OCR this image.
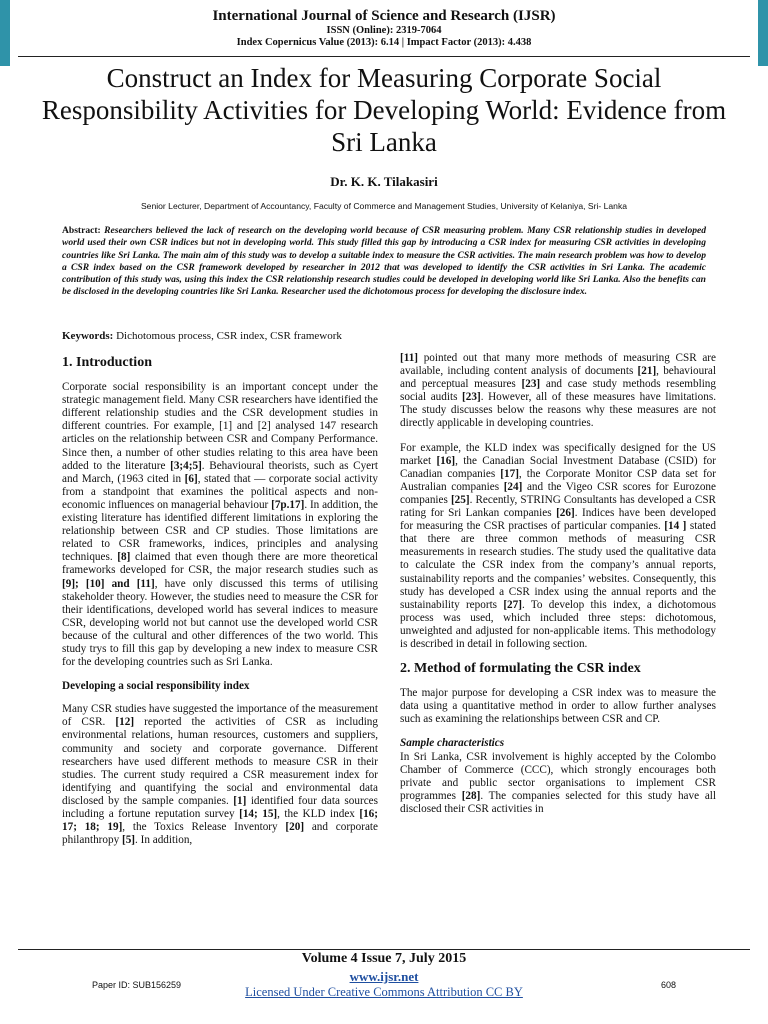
International Journal of Science and Research (IJSR)
ISSN (Online): 2319-7064
Index Copernicus Value (2013): 6.14 | Impact Factor (2013): 4.438
Construct an Index for Measuring Corporate Social Responsibility Activities for Developing World: Evidence from Sri Lanka
Dr. K. K. Tilakasiri
Senior Lecturer, Department of Accountancy, Faculty of Commerce and Management Studies, University of Kelaniya, Sri- Lanka

Abstract: Researchers believed the lack of research on the developing world because of CSR measuring problem. Many CSR relationship studies in developed world used their own CSR indices but not in developing world. This study filled this gap by introducing a CSR index for measuring CSR activities in developing countries like Sri Lanka. The main aim of this study was to develop a suitable index to measure the CSR activities. The main research problem was how to develop a CSR index based on the CSR framework developed by researcher in 2012 that was developed to identify the CSR activities in Sri Lanka. The academic contribution of this study was, using this index the CSR relationship research studies could be developed in developing world like Sri Lanka. Also the benefits can be disclosed in the developing countries like Sri Lanka. Researcher used the dichotomous process for developing the disclosure index.

Keywords: Dichotomous process, CSR index, CSR framework

1. Introduction

Corporate social responsibility is an important concept under the strategic management field. Many CSR researchers have identified the different relationship studies and the CSR development studies in different countries. For example, [1] and [2] analysed 147 research articles on the relationship between CSR and Company Performance. Since then, a number of other studies relating to this area have been added to the literature [3;4;5]. Behavioural theorists, such as Cyert and March, (1963 cited in [6], stated that — corporate social activity from a standpoint that examines the political aspects and non-economic influences on managerial behaviour [7p.17]. In addition, the existing literature has identified different limitations in exploring the relationship between CSR and CP studies. Those limitations are related to CSR frameworks, indices, principles and analysing techniques. [8] claimed that even though there are more theoretical frameworks developed for CSR, the major research studies such as [9]; [10] and [11], have only discussed this terms of utilising stakeholder theory. However, the studies need to measure the CSR for their identifications, developed world has several indices to measure CSR, developing world not but cannot use the developed world CSR because of the cultural and other differences of the two world. This study trys to fill this gap by developing a new index to measure CSR for the developing countries such as Sri Lanka.

Developing a social responsibility index

Many CSR studies have suggested the importance of the measurement of CSR. [12] reported the activities of CSR as including environmental relations, human resources, customers and suppliers, community and society and corporate governance. Different researchers have used different methods to measure CSR in their studies. The current study required a CSR measurement index for identifying and quantifying the social and environmental data disclosed by the sample companies. [1] identified four data sources including a fortune reputation survey [14; 15], the KLD index [16; 17; 18; 19], the Toxics Release Inventory [20] and corporate philanthropy [5]. In addition,

[11] pointed out that many more methods of measuring CSR are available, including content analysis of documents [21], behavioural and perceptual measures [23] and case study methods resembling social audits [23]. However, all of these measures have limitations. The study discusses below the reasons why these measures are not directly applicable in developing countries.

For example, the KLD index was specifically designed for the US market [16], the Canadian Social Investment Database (CSID) for Canadian companies [17], the Corporate Monitor CSP data set for Australian companies [24] and the Vigeo CSR scores for Eurozone companies [25]. Recently, STRING Consultants has developed a CSR rating for Sri Lankan companies [26]. Indices have been developed for measuring the CSR practises of particular companies. [14 ] stated that there are three common methods of measuring CSR measurements in research studies. The study used the qualitative data to calculate the CSR index from the company’s annual reports, sustainability reports and the companies’ websites. Consequently, this study has developed a CSR index using the annual reports and the sustainability reports [27]. To develop this index, a dichotomous process was used, which included three steps: dichotomous, unweighted and adjusted for non-applicable items. This methodology is described in detail in following section.

2. Method of formulating the CSR index

The major purpose for developing a CSR index was to measure the data using a quantitative method in order to allow further analyses such as examining the relationships between CSR and CP.

Sample characteristics

In Sri Lanka, CSR involvement is highly accepted by the Colombo Chamber of Commerce (CCC), which strongly encourages both private and public sector organisations to implement CSR programmes [28]. The companies selected for this study have all disclosed their CSR activities in

Volume 4 Issue 7, July 2015
www.ijsr.net
Licensed Under Creative Commons Attribution CC BY
Paper ID: SUB156259	608
